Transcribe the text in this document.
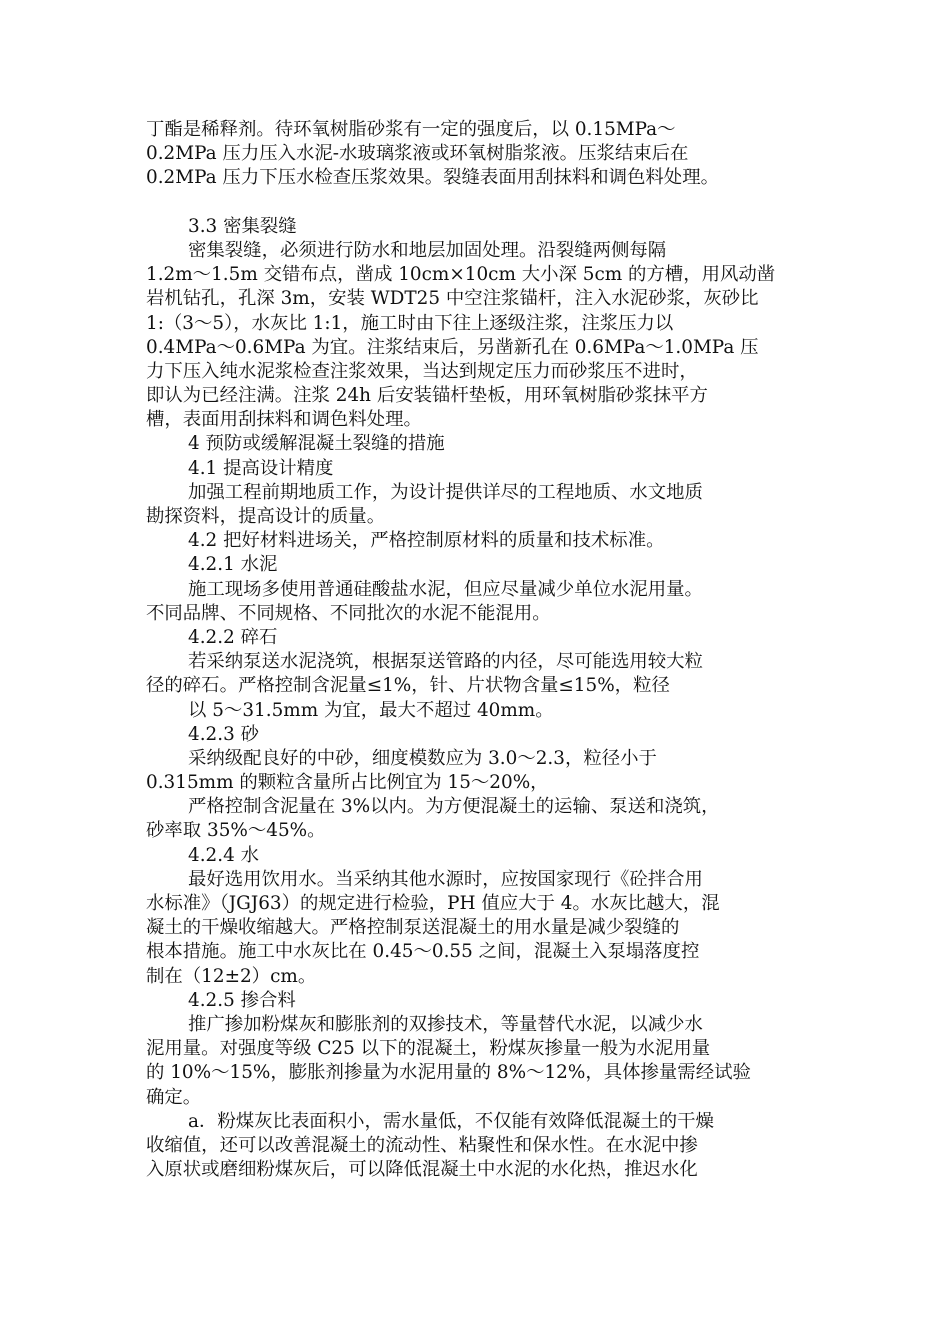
丁酯是稀释剂。待环氧树脂砂浆有一定的强度后，以 0.15MPa～
0.2MPa 压力压入水泥-水玻璃浆液或环氧树脂浆液。压浆结束后在
0.2MPa 压力下压水检查压浆效果。裂缝表面用刮抹料和调色料处理。
3.3 密集裂缝
密集裂缝，必须进行防水和地层加固处理。沿裂缝两侧每隔
1.2m～1.5m 交错布点，凿成 10cm×10cm 大小深 5cm 的方槽，用风动凿
岩机钻孔，孔深 3m，安装 WDT25 中空注浆锚杆，注入水泥砂浆，灰砂比
1:（3～5），水灰比 1:1，施工时由下往上逐级注浆，注浆压力以
0.4MPa～0.6MPa 为宜。注浆结束后，另凿新孔在 0.6MPa～1.0MPa 压
力下压入纯水泥浆检查注浆效果，当达到规定压力而砂浆压不进时，
即认为已经注满。注浆 24h 后安装锚杆垫板，用环氧树脂砂浆抹平方
槽，表面用刮抹料和调色料处理。
4 预防或缓解混凝土裂缝的措施
4.1 提高设计精度
加强工程前期地质工作，为设计提供详尽的工程地质、水文地质
勘探资料，提高设计的质量。
4.2 把好材料进场关，严格控制原材料的质量和技术标准。
4.2.1 水泥
施工现场多使用普通硅酸盐水泥，但应尽量减少单位水泥用量。
不同品牌、不同规格、不同批次的水泥不能混用。
4.2.2 碎石
若采纳泵送水泥浇筑，根据泵送管路的内径，尽可能选用较大粒
径的碎石。严格控制含泥量≤1%，针、片状物含量≤15%，粒径
以 5～31.5mm 为宜，最大不超过 40mm。
4.2.3 砂
采纳级配良好的中砂，细度模数应为 3.0～2.3，粒径小于
0.315mm 的颗粒含量所占比例宜为 15～20%，
严格控制含泥量在 3%以内。为方便混凝土的运输、泵送和浇筑，
砂率取 35%～45%。
4.2.4 水
最好选用饮用水。当采纳其他水源时，应按国家现行《砼拌合用
水标准》（JGJ63）的规定进行检验，PH 值应大于 4。水灰比越大，混
凝土的干燥收缩越大。严格控制泵送混凝土的用水量是减少裂缝的
根本措施。施工中水灰比在 0.45～0.55 之间，混凝土入泵塌落度控
制在（12±2）cm。
4.2.5 掺合料
推广掺加粉煤灰和膨胀剂的双掺技术，等量替代水泥，以减少水
泥用量。对强度等级 C25 以下的混凝土，粉煤灰掺量一般为水泥用量
的 10%～15%，膨胀剂掺量为水泥用量的 8%～12%，具体掺量需经试验
确定。
a．粉煤灰比表面积小，需水量低，不仅能有效降低混凝土的干燥
收缩值，还可以改善混凝土的流动性、粘聚性和保水性。在水泥中掺
入原状或磨细粉煤灰后，可以降低混凝土中水泥的水化热，推迟水化
